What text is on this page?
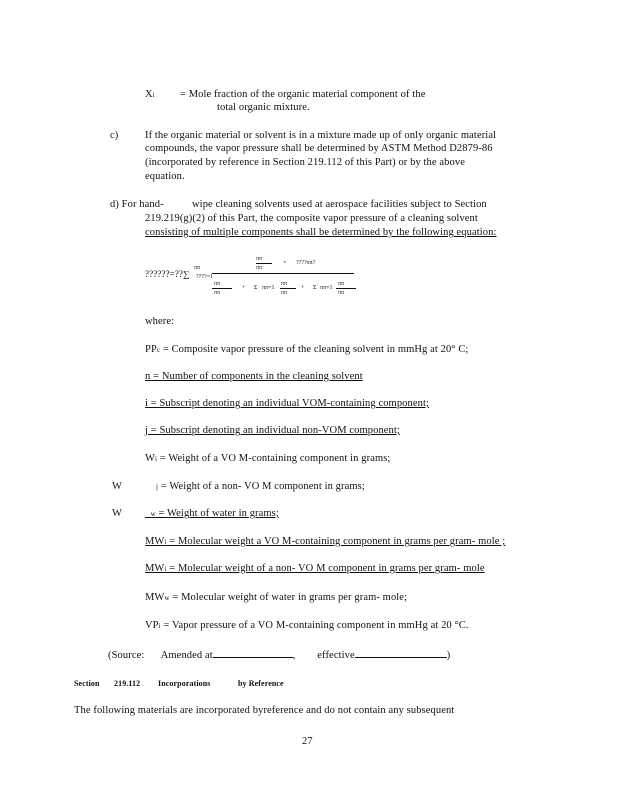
Xi = Mole fraction of the organic material component of the
total organic mixture.
c)	If the organic material or solvent is in a mixture made up of only organic material
compounds, the vapor pressure shall be determined by ASTM Method D2879-86
(incorporated by reference in Section 219.112 of this Part) or by the above
equation.
d) For hand-	wipe cleaning solvents used at aerospace facilities subject to Section
219.219(g)(2) of this Part, the composite vapor pressure of a cleaning solvent
consisting of multiple components shall be determined by the following equation:
??????=??∑
ππ
????=1
ππ
ππ
× ????ππ?
ππ
ππ
+ Σ ππ=1
ππ
ππ
+ Σ ππ=1
ππ
ππ
where:
PPc = Composite vapor pressure of the cleaning solvent in mmHg at 20° C;
n = Number of components in the cleaning solvent
i = Subscript denoting an individual VOM-containing component;
j = Subscript denoting an individual non-VOM component;
Wi = Weight of a VO M-containing component in grams;
W	j = Weight of a non- VO M component in grams;
W	w = Weight of water in grams;
MWi = Molecular weight a VO M-containing component in grams per gram- mole ;
MWi = Molecular weight of a non- VO M component in grams per gram- mole
MWw = Molecular weight of water in grams per gram- mole;
VPi = Vapor pressure of a VO M-containing component in mmHg at 20 °C.
(Source: Amended at	,        effective	)
Section 219.112 Incorporations	by Reference
The following materials are incorporated byreference and do not contain any subsequent
27
